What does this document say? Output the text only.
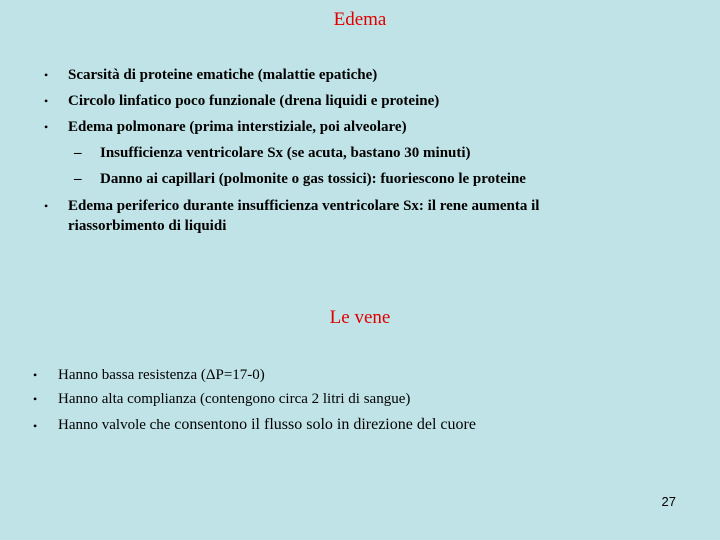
Edema
• Scarsità di proteine ematiche (malattie epatiche)
• Circolo linfatico poco funzionale (drena liquidi e proteine)
• Edema polmonare (prima interstiziale, poi alveolare)
– Insufficienza ventricolare Sx (se acuta, bastano 30 minuti)
– Danno ai capillari (polmonite o gas tossici): fuoriescono le proteine
• Edema periferico durante insufficienza ventricolare Sx: il rene aumenta il
riassorbimento di liquidi
Le vene
• Hanno bassa resistenza (ΔP=17-0)
• Hanno alta complianza (contengono circa 2 litri di sangue)
• Hanno valvole che consentono il flusso solo in direzione del cuore
27
